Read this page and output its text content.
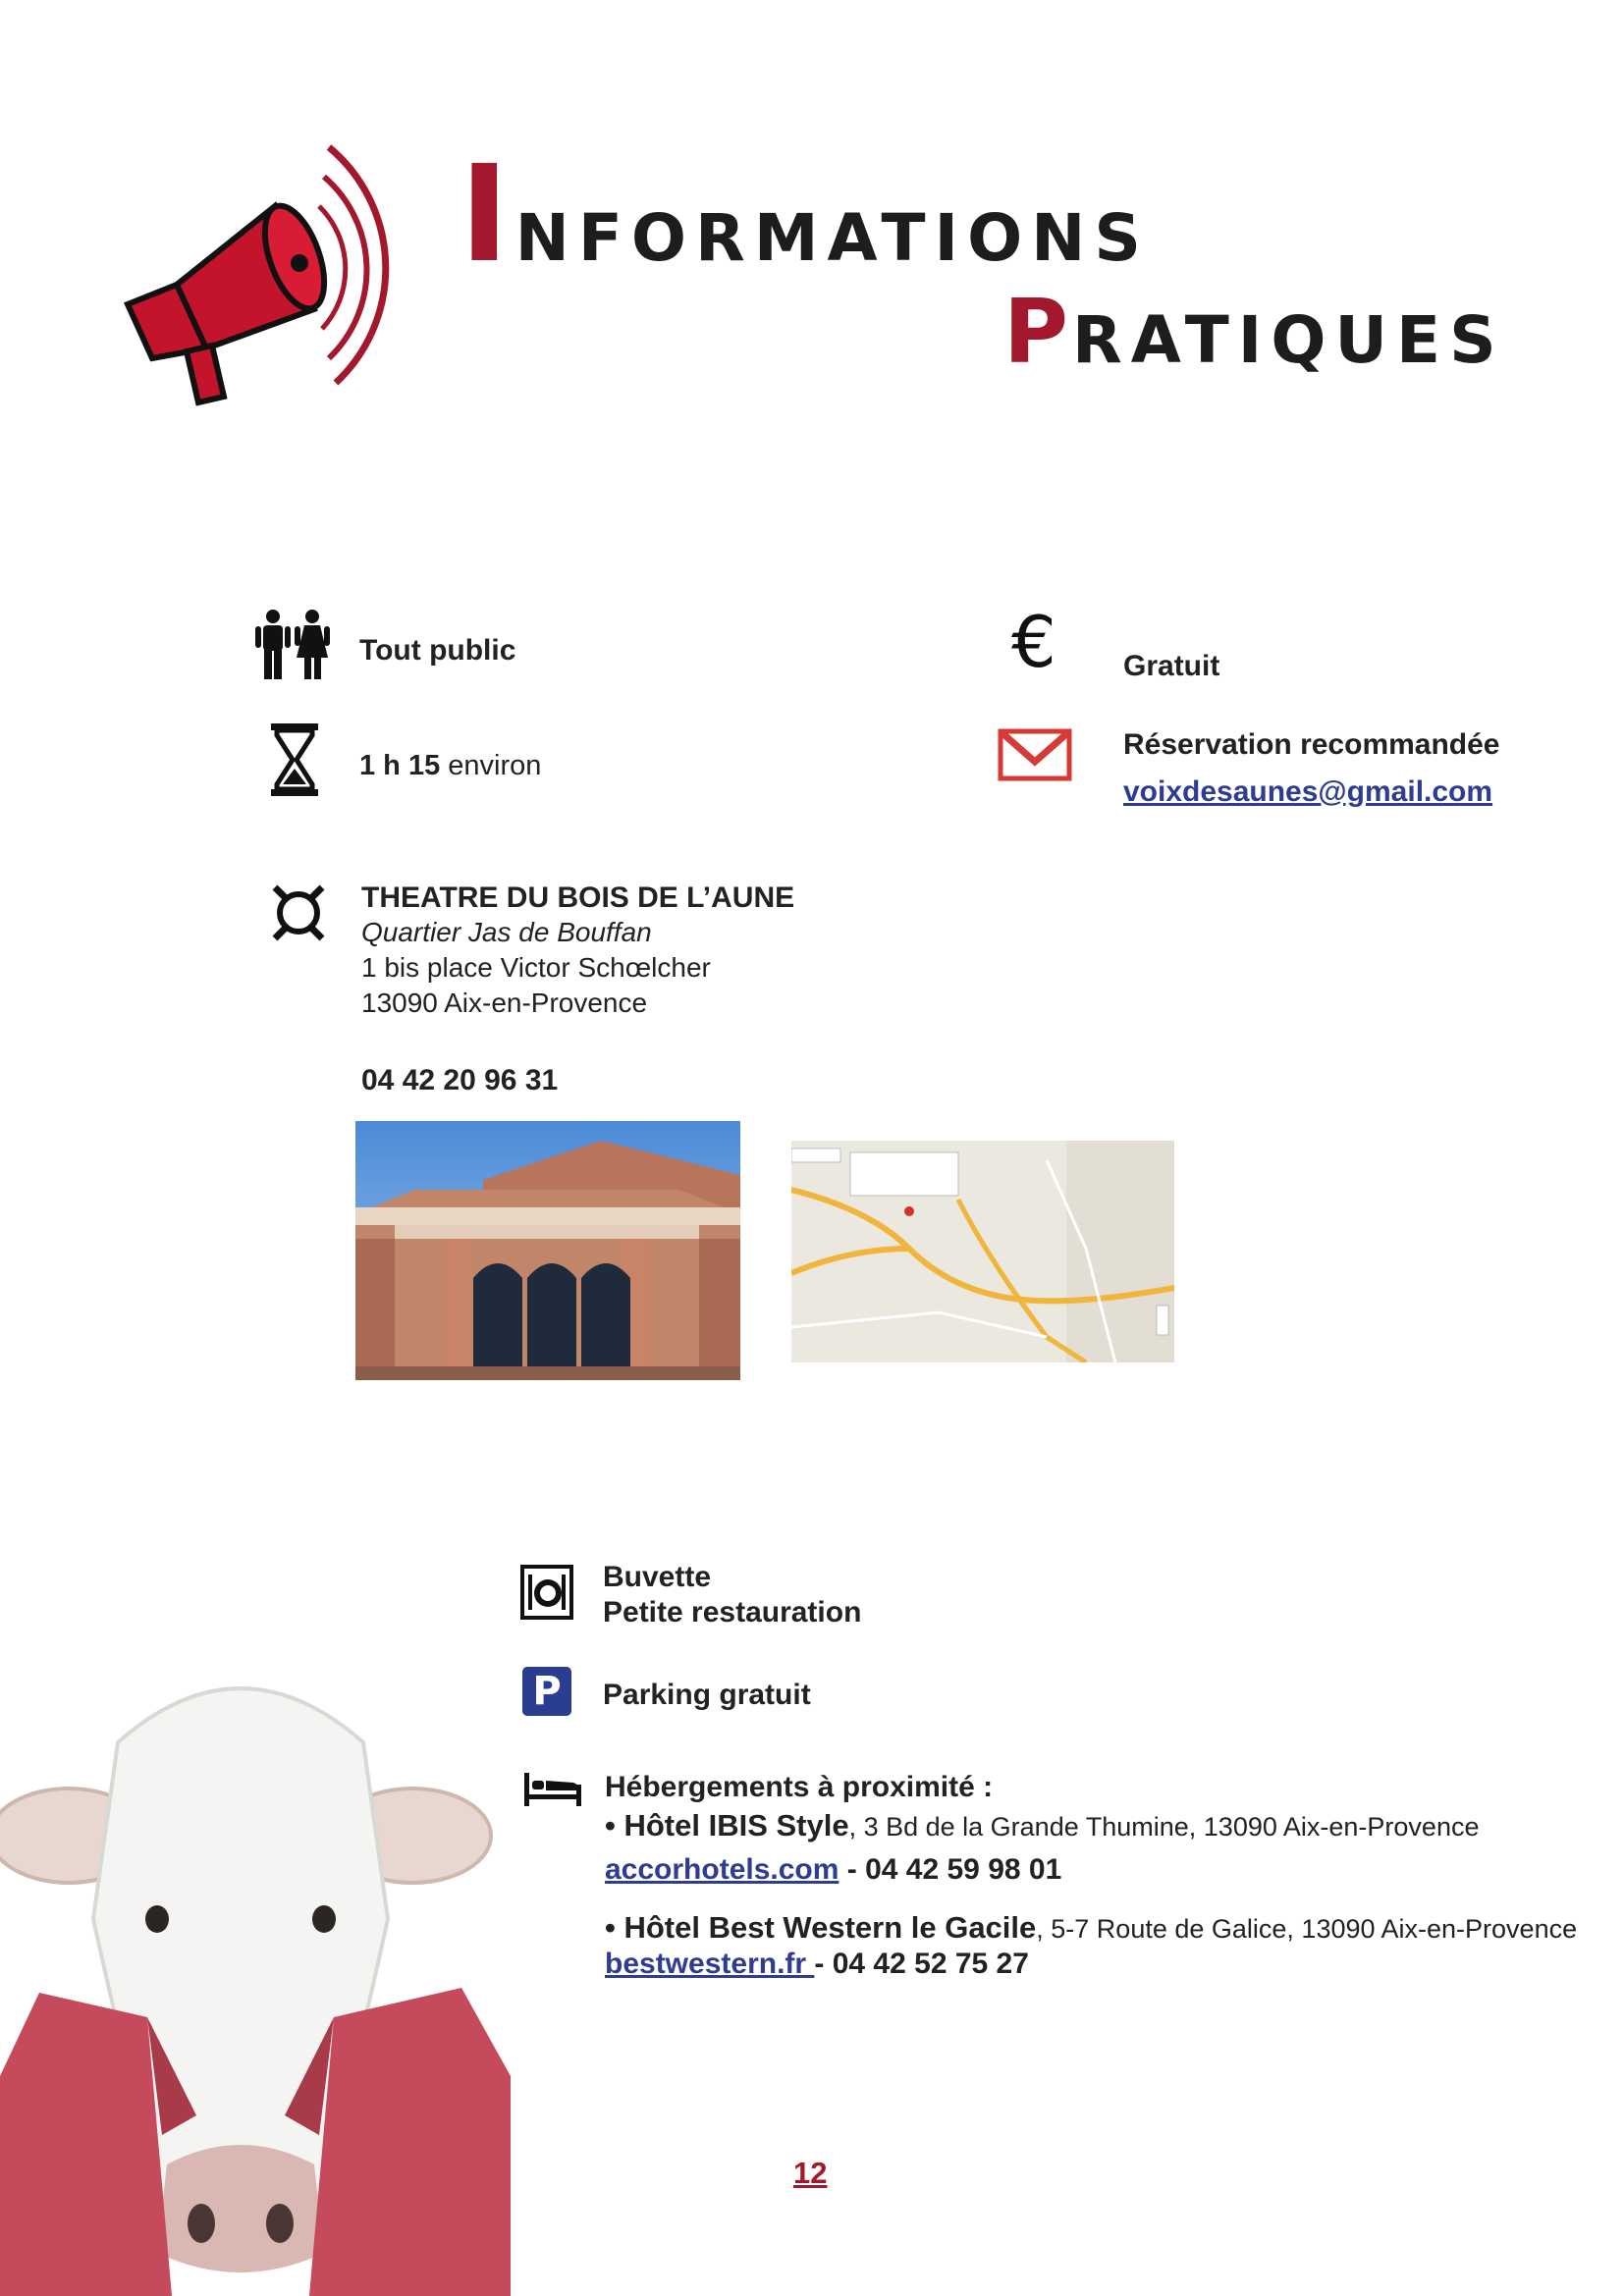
INFORMATIONS
PRATIQUES
Tout public
1 h 15 environ
€ Gratuit
Réservation recommandée
voixdesaunes@gmail.com
THEATRE DU BOIS DE L’AUNE
Quartier Jas de Bouffan
1 bis place Victor Schœlcher
13090 Aix-en-Provence
04 42 20 96 31
Buvette
Petite restauration
P	Parking gratuit
Hébergements à proximité :
• Hôtel IBIS Style, 3 Bd de la Grande Thumine, 13090 Aix-en-Provence
accorhotels.com - 04 42 59 98 01
• Hôtel Best Western le Gacile, 5-7 Route de Galice, 13090 Aix-en-Provence
bestwestern.fr - 04 42 52 75 27
12
